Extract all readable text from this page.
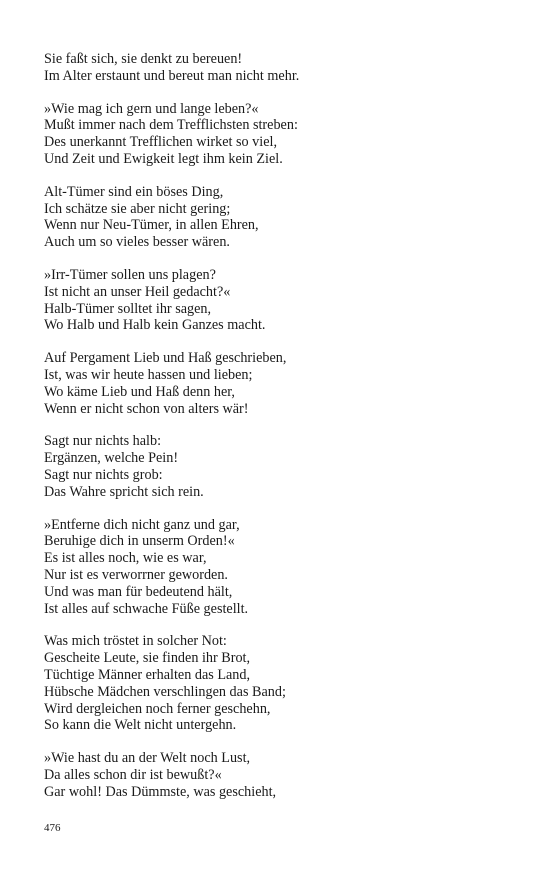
Sie faßt sich, sie denkt zu bereuen!
Im Alter erstaunt und bereut man nicht mehr.
»Wie mag ich gern und lange leben?«
Mußt immer nach dem Trefflichsten streben:
Des unerkannt Trefflichen wirket so viel,
Und Zeit und Ewigkeit legt ihm kein Ziel.
Alt-Tümer sind ein böses Ding,
Ich schätze sie aber nicht gering;
Wenn nur Neu-Tümer, in allen Ehren,
Auch um so vieles besser wären.
»Irr-Tümer sollen uns plagen?
Ist nicht an unser Heil gedacht?«
Halb-Tümer solltet ihr sagen,
Wo Halb und Halb kein Ganzes macht.
Auf Pergament Lieb und Haß geschrieben,
Ist, was wir heute hassen und lieben;
Wo käme Lieb und Haß denn her,
Wenn er nicht schon von alters wär!
Sagt nur nichts halb:
Ergänzen, welche Pein!
Sagt nur nichts grob:
Das Wahre spricht sich rein.
»Entferne dich nicht ganz und gar,
Beruhige dich in unserm Orden!«
Es ist alles noch, wie es war,
Nur ist es verworrner geworden.
Und was man für bedeutend hält,
Ist alles auf schwache Füße gestellt.
Was mich tröstet in solcher Not:
Gescheite Leute, sie finden ihr Brot,
Tüchtige Männer erhalten das Land,
Hübsche Mädchen verschlingen das Band;
Wird dergleichen noch ferner geschehn,
So kann die Welt nicht untergehn.
»Wie hast du an der Welt noch Lust,
Da alles schon dir ist bewußt?«
Gar wohl! Das Dümmste, was geschieht,
476
